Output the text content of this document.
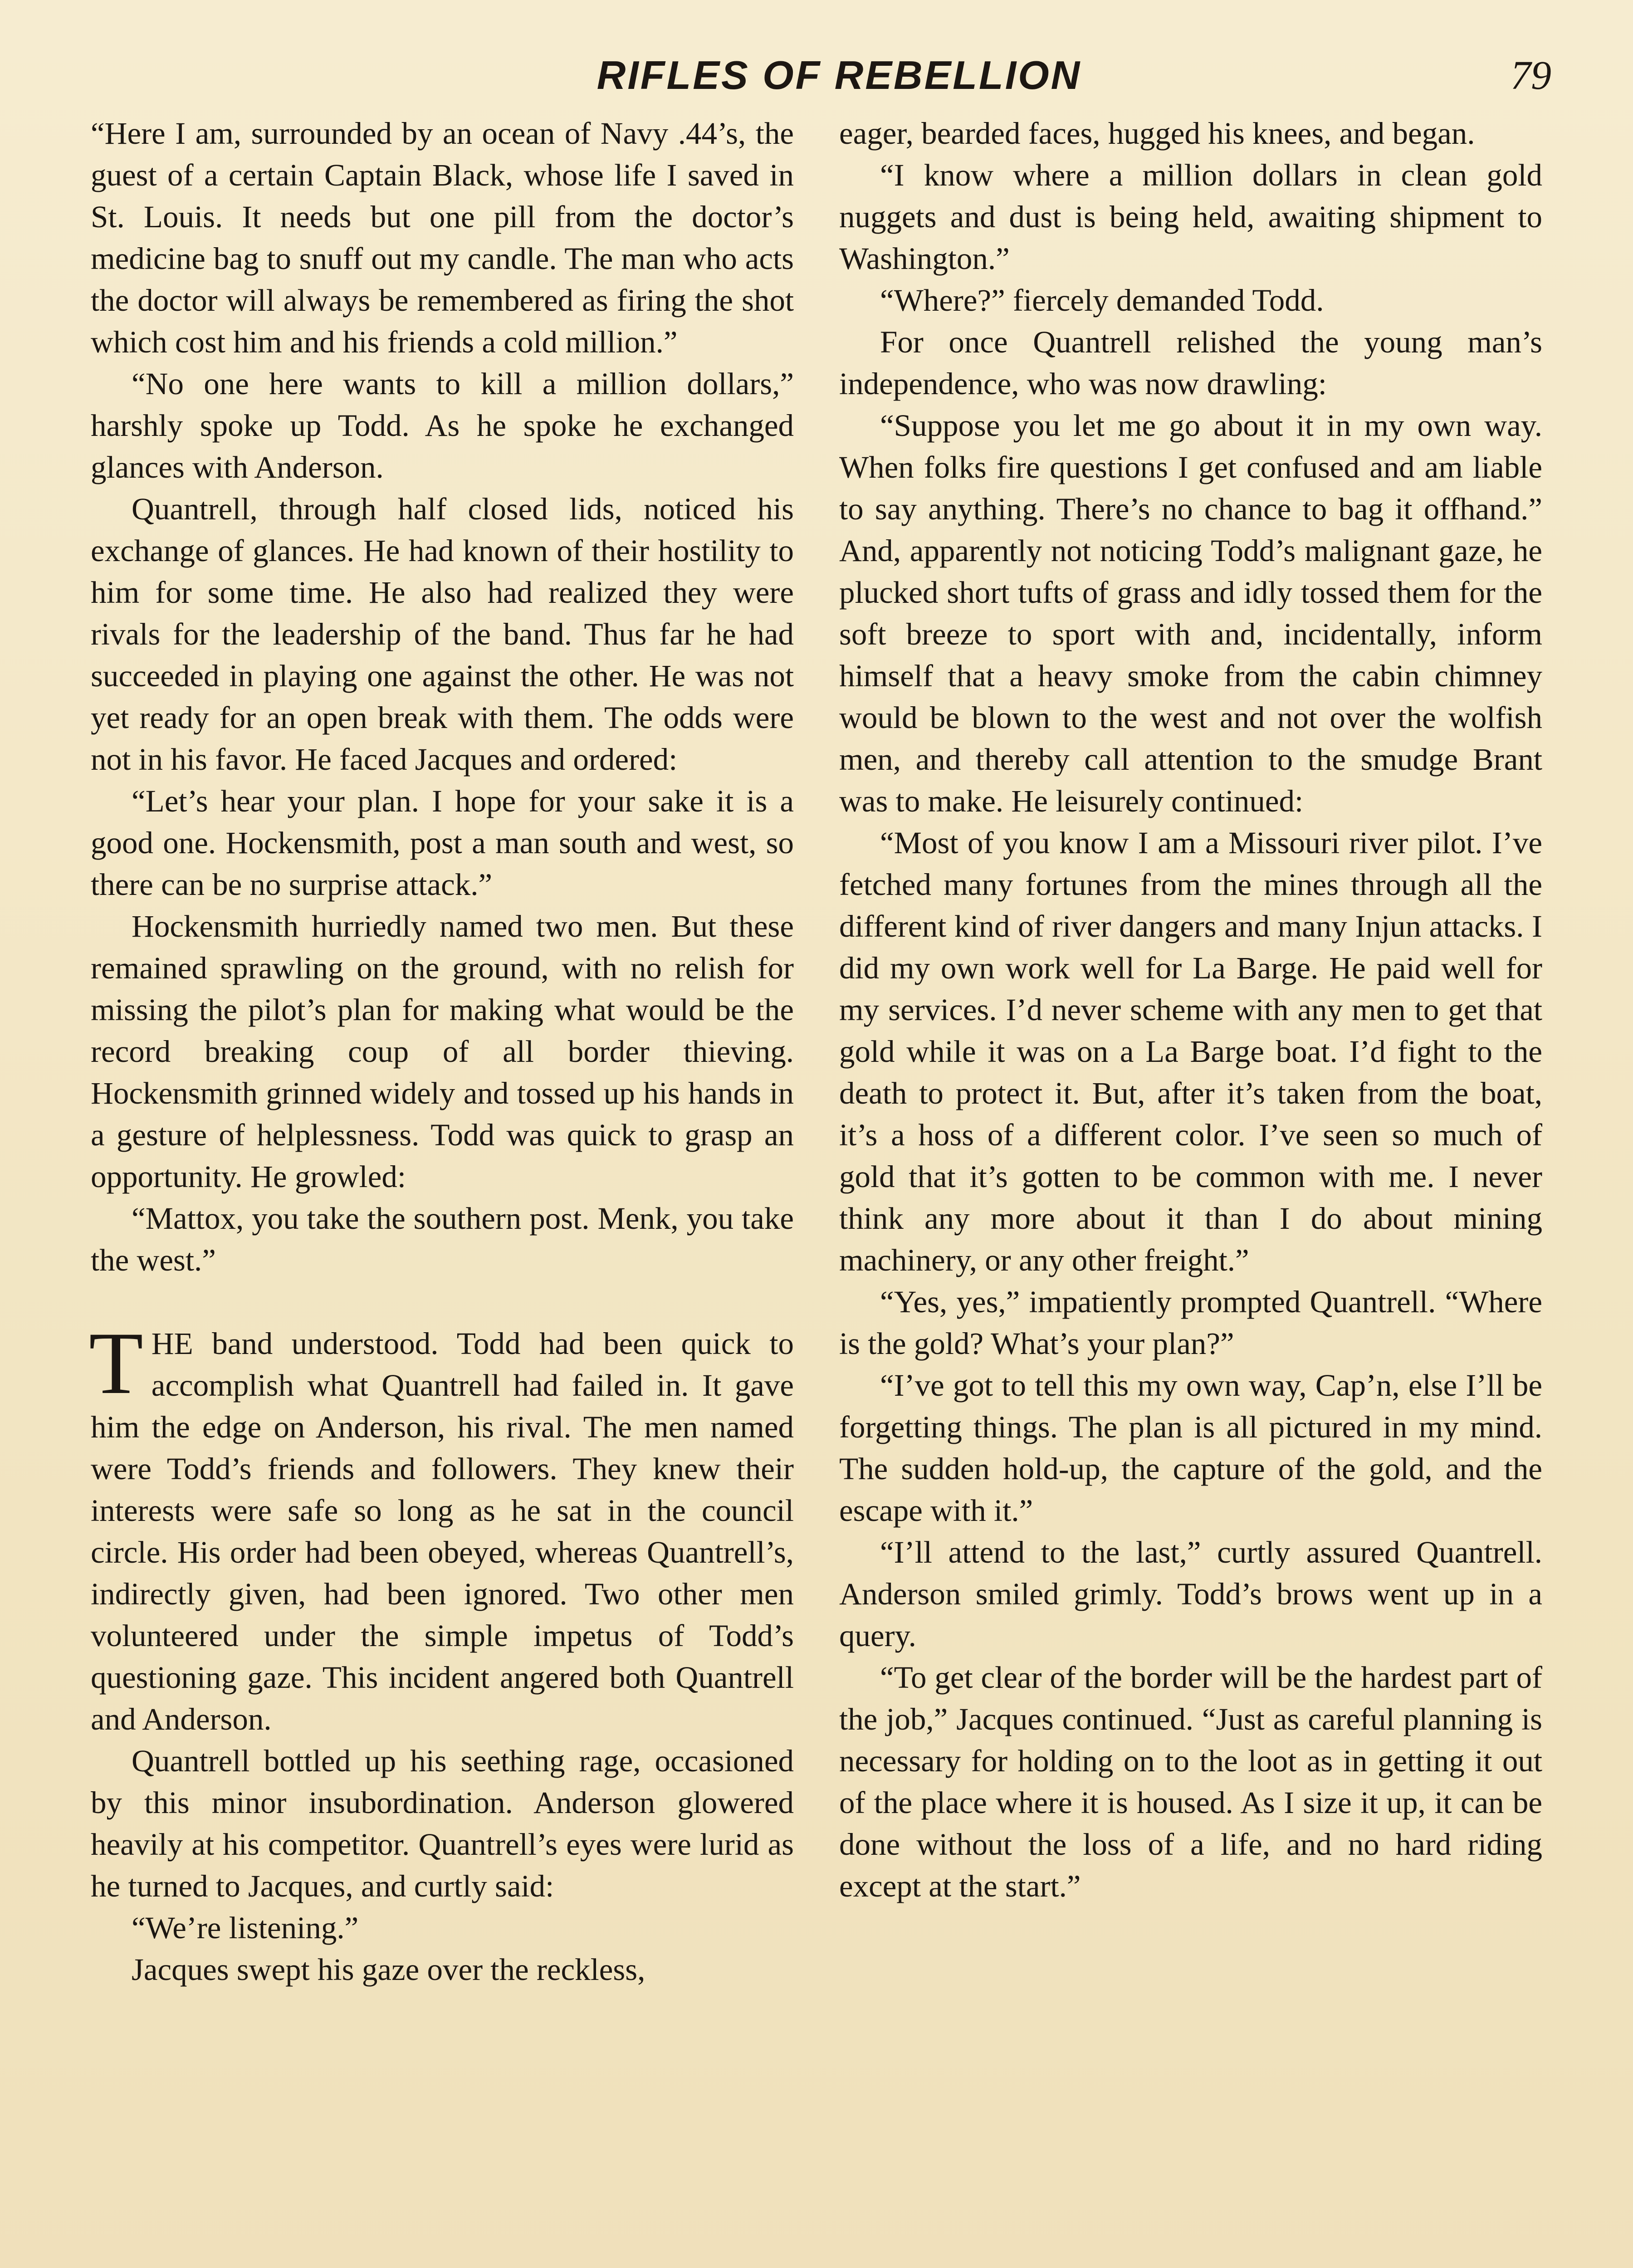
RIFLES OF REBELLION	79

“Here I am, surrounded by an ocean of Navy .44’s, the guest of a certain Captain Black, whose life I saved in St. Louis. It needs but one pill from the doctor’s medicine bag to snuff out my candle. The man who acts the doctor will always be remembered as firing the shot which cost him and his friends a cold million.”

“No one here wants to kill a million dollars,” harshly spoke up Todd. As he spoke he exchanged glances with Anderson.

Quantrell, through half closed lids, noticed his exchange of glances. He had known of their hostility to him for some time. He also had realized they were rivals for the leadership of the band. Thus far he had succeeded in playing one against the other. He was not yet ready for an open break with them. The odds were not in his favor. He faced Jacques and ordered:

“Let’s hear your plan. I hope for your sake it is a good one. Hockensmith, post a man south and west, so there can be no surprise attack.”

Hockensmith hurriedly named two men. But these remained sprawling on the ground, with no relish for missing the pilot’s plan for making what would be the record breaking coup of all border thieving. Hockensmith grinned widely and tossed up his hands in a gesture of helplessness. Todd was quick to grasp an opportunity. He growled:

“Mattox, you take the southern post. Menk, you take the west.”

THE band understood. Todd had been quick to accomplish what Quantrell had failed in. It gave him the edge on Anderson, his rival. The men named were Todd’s friends and followers. They knew their interests were safe so long as he sat in the council circle. His order had been obeyed, whereas Quantrell’s, indirectly given, had been ignored. Two other men volunteered under the simple impetus of Todd’s questioning gaze. This incident angered both Quantrell and Anderson.

Quantrell bottled up his seething rage, occasioned by this minor insubordination. Anderson glowered heavily at his competitor. Quantrell’s eyes were lurid as he turned to Jacques, and curtly said:

“We’re listening.”

Jacques swept his gaze over the reckless,

eager, bearded faces, hugged his knees, and began.

“I know where a million dollars in clean gold nuggets and dust is being held, awaiting shipment to Washington.”

“Where?” fiercely demanded Todd.

For once Quantrell relished the young man’s independence, who was now drawling:

“Suppose you let me go about it in my own way. When folks fire questions I get confused and am liable to say anything. There’s no chance to bag it offhand.” And, apparently not noticing Todd’s malignant gaze, he plucked short tufts of grass and idly tossed them for the soft breeze to sport with and, incidentally, inform himself that a heavy smoke from the cabin chimney would be blown to the west and not over the wolfish men, and thereby call attention to the smudge Brant was to make. He leisurely continued:

“Most of you know I am a Missouri river pilot. I’ve fetched many fortunes from the mines through all the different kind of river dangers and many Injun attacks. I did my own work well for La Barge. He paid well for my services. I’d never scheme with any men to get that gold while it was on a La Barge boat. I’d fight to the death to protect it. But, after it’s taken from the boat, it’s a hoss of a different color. I’ve seen so much of gold that it’s gotten to be common with me. I never think any more about it than I do about mining machinery, or any other freight.”

“Yes, yes,” impatiently prompted Quantrell. “Where is the gold? What’s your plan?”

“I’ve got to tell this my own way, Cap’n, else I’ll be forgetting things. The plan is all pictured in my mind. The sudden hold-up, the capture of the gold, and the escape with it.”

“I’ll attend to the last,” curtly assured Quantrell. Anderson smiled grimly. Todd’s brows went up in a query.

“To get clear of the border will be the hardest part of the job,” Jacques continued. “Just as careful planning is necessary for holding on to the loot as in getting it out of the place where it is housed. As I size it up, it can be done without the loss of a life, and no hard riding except at the start.”
